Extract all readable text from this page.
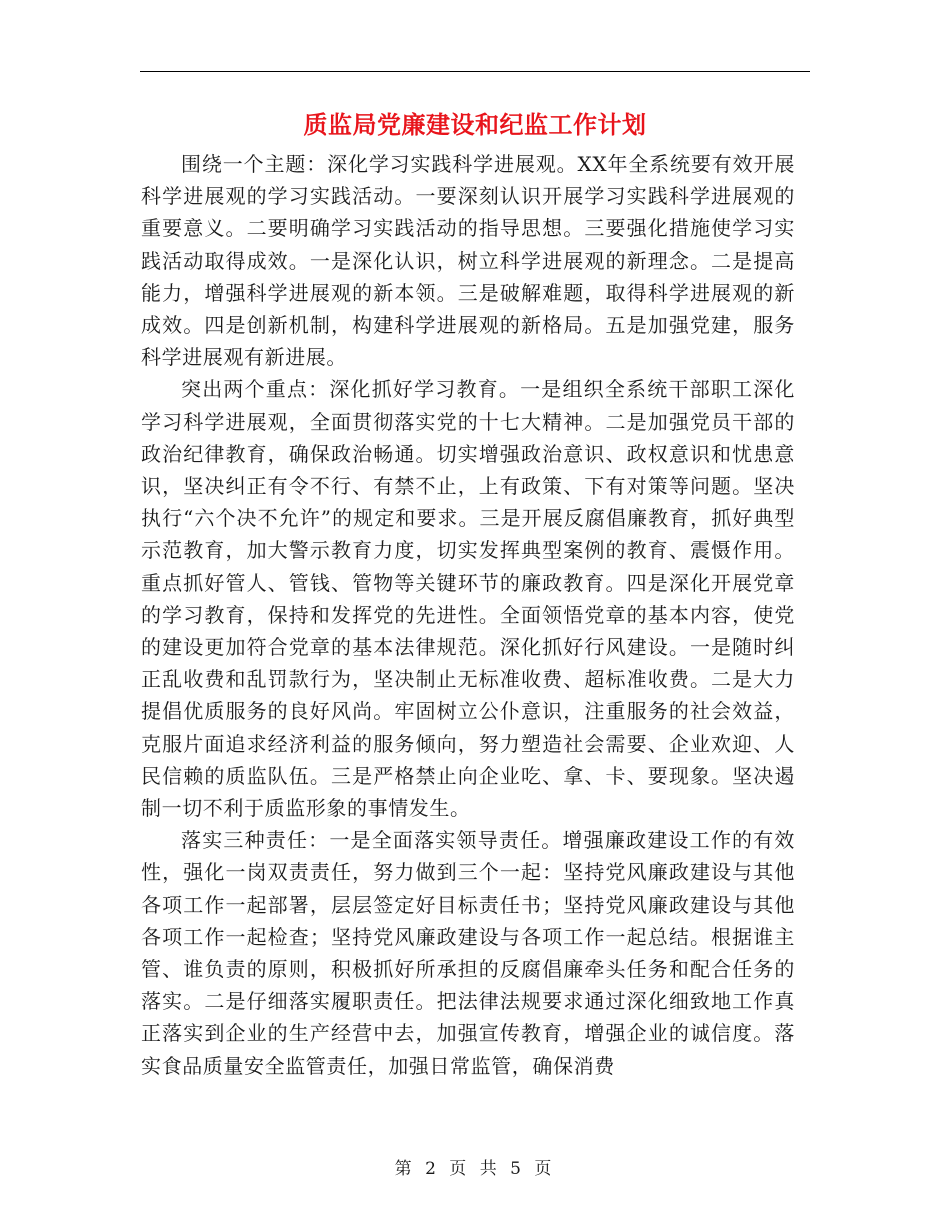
质监局党廉建设和纪监工作计划

围绕一个主题：深化学习实践科学进展观。XX年全系统要有效开展科学进展观的学习实践活动。一要深刻认识开展学习实践科学进展观的重要意义。二要明确学习实践活动的指导思想。三要强化措施使学习实践活动取得成效。一是深化认识，树立科学进展观的新理念。二是提高能力，增强科学进展观的新本领。三是破解难题，取得科学进展观的新成效。四是创新机制，构建科学进展观的新格局。五是加强党建，服务科学进展观有新进展。

突出两个重点：深化抓好学习教育。一是组织全系统干部职工深化学习科学进展观，全面贯彻落实党的十七大精神。二是加强党员干部的政治纪律教育，确保政治畅通。切实增强政治意识、政权意识和忧患意识，坚决纠正有令不行、有禁不止，上有政策、下有对策等问题。坚决执行“六个决不允许”的规定和要求。三是开展反腐倡廉教育，抓好典型示范教育，加大警示教育力度，切实发挥典型案例的教育、震慑作用。重点抓好管人、管钱、管物等关键环节的廉政教育。四是深化开展党章的学习教育，保持和发挥党的先进性。全面领悟党章的基本内容，使党的建设更加符合党章的基本法律规范。深化抓好行风建设。一是随时纠正乱收费和乱罚款行为，坚决制止无标准收费、超标准收费。二是大力提倡优质服务的良好风尚。牢固树立公仆意识，注重服务的社会效益，克服片面追求经济利益的服务倾向，努力塑造社会需要、企业欢迎、人民信赖的质监队伍。三是严格禁止向企业吃、拿、卡、要现象。坚决遏制一切不利于质监形象的事情发生。

落实三种责任：一是全面落实领导责任。增强廉政建设工作的有效性，强化一岗双责责任，努力做到三个一起：坚持党风廉政建设与其他各项工作一起部署，层层签定好目标责任书；坚持党风廉政建设与其他各项工作一起检查；坚持党风廉政建设与各项工作一起总结。根据谁主管、谁负责的原则，积极抓好所承担的反腐倡廉牵头任务和配合任务的落实。二是仔细落实履职责任。把法律法规要求通过深化细致地工作真正落实到企业的生产经营中去，加强宣传教育，增强企业的诚信度。落实食品质量安全监管责任，加强日常监管，确保消费

第 2 页 共 5 页
